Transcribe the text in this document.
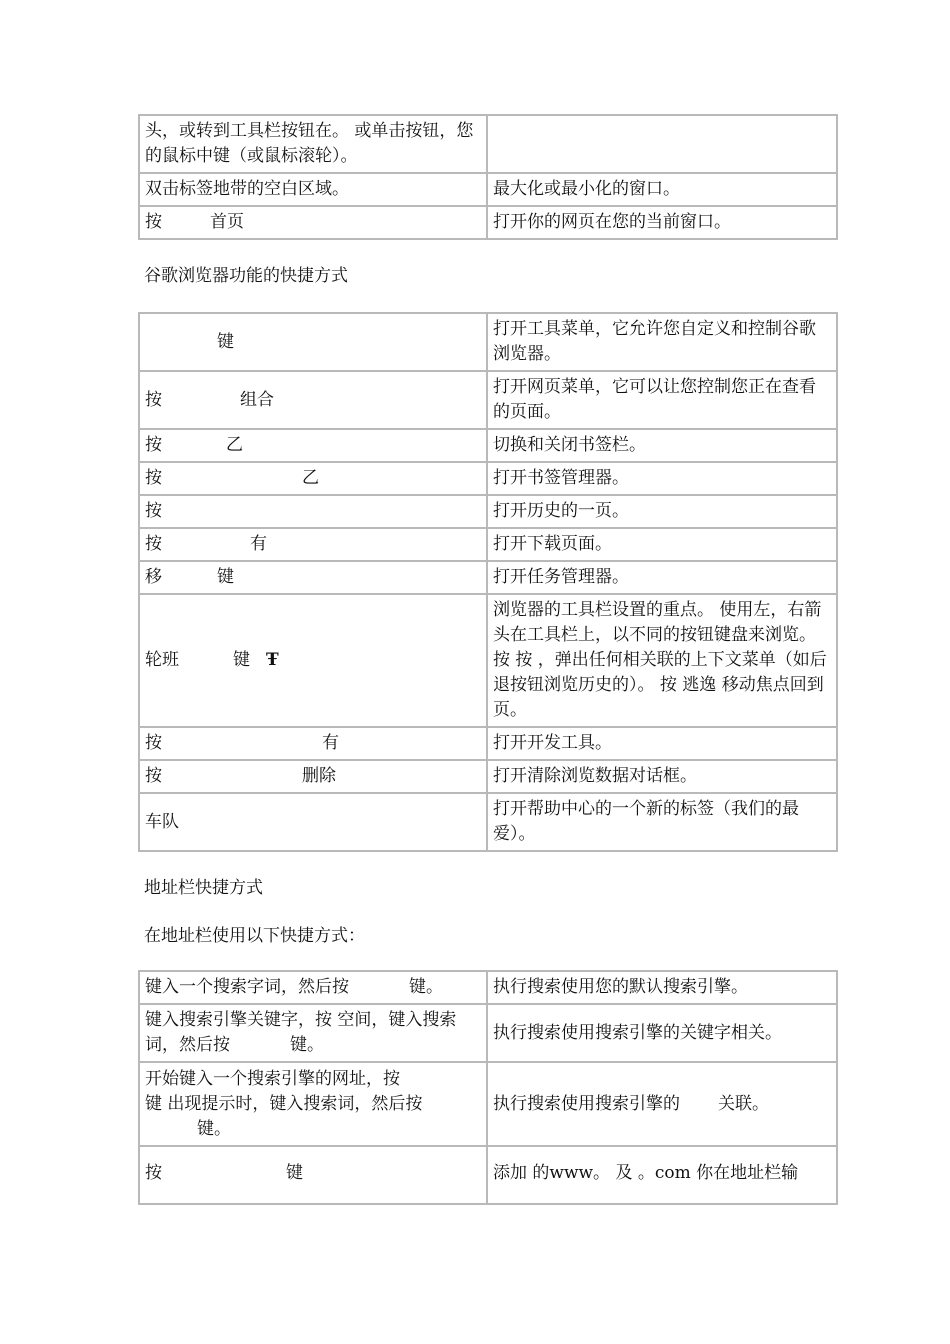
头，或转到工具栏按钮在。 或单击按钮，您的鼠标中键（或鼠标滚轮）。	
双击标签地带的空白区域。	最大化或最小化的窗口。
按 首页	打开你的网页在您的当前窗口。
谷歌浏览器功能的快捷方式
键	打开工具菜单，它允许您自定义和控制谷歌浏览器。
按 组合	打开网页菜单，它可以让您控制您正在查看的页面。
按 乙	切换和关闭书签栏。
按 乙	打开书签管理器。
按	打开历史的一页。
按 有	打开下载页面。
移 键	打开任务管理器。
轮班 键 Ŧ	浏览器的工具栏设置的重点。 使用左，右箭头在工具栏上，以不同的按钮键盘来浏览。 按 按 ，弹出任何相关联的上下文菜单（如后退按钮浏览历史的）。 按 逃逸 移动焦点回到页。
按 有	打开开发工具。
按 删除	打开清除浏览数据对话框。
车队	打开帮助中心的一个新的标签（我们的最爱）。
地址栏快捷方式
在地址栏使用以下快捷方式：
键入一个搜索字词，然后按 键。	执行搜索使用您的默认搜索引擎。
键入搜索引擎关键字，按 空间，键入搜索词，然后按 键。	执行搜索使用搜索引擎的关键字相关。

开始键入一个搜索引擎的网址，按
键 出现提示时，键入搜索词，然后按
键。	执行搜索使用搜索引擎的 关联。
按 键	添加 的www。 及 。com 你在地址栏输
